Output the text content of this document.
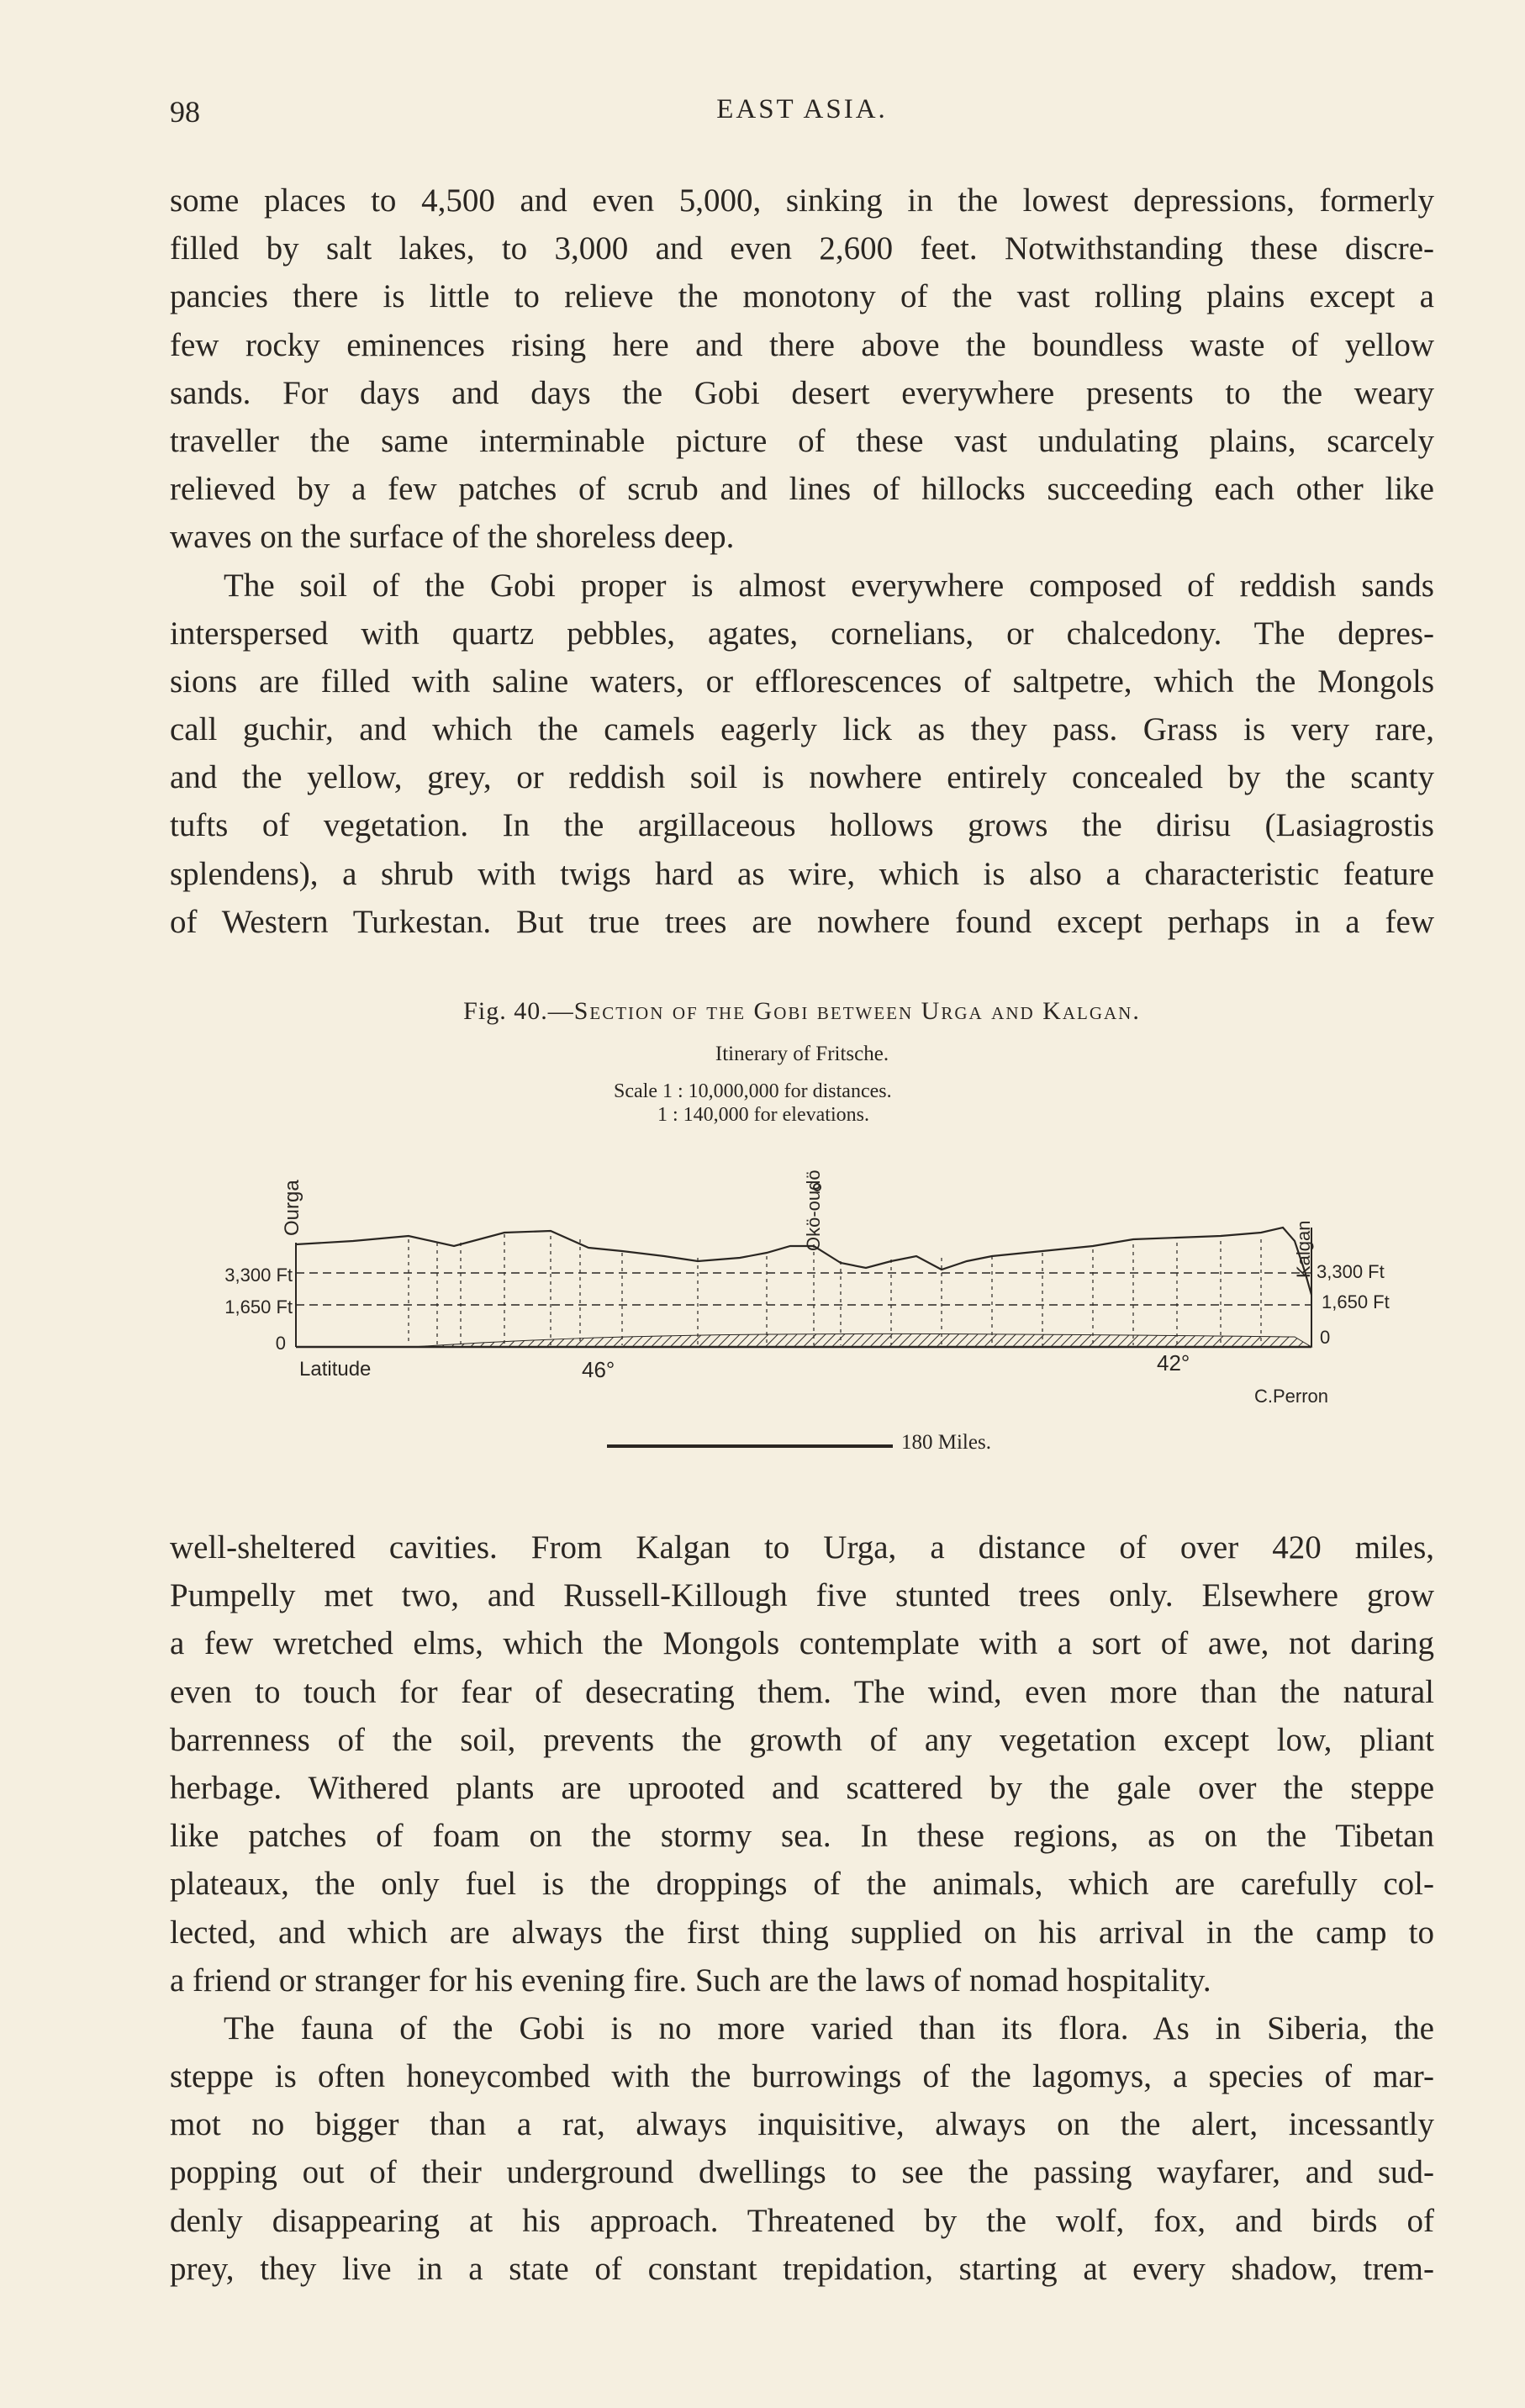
98	EAST ASIA.
some places to 4,500 and even 5,000, sinking in the lowest depressions, formerly
filled by salt lakes, to 3,000 and even 2,600 feet. Notwithstanding these discre-
pancies there is little to relieve the monotony of the vast rolling plains except a
few rocky eminences rising here and there above the boundless waste of yellow
sands. For days and days the Gobi desert everywhere presents to the weary
traveller the same interminable picture of these vast undulating plains, scarcely
relieved by a few patches of scrub and lines of hillocks succeeding each other like
waves on the surface of the shoreless deep.
The soil of the Gobi proper is almost everywhere composed of reddish sands
interspersed with quartz pebbles, agates, cornelians, or chalcedony. The depres-
sions are filled with saline waters, or efflorescences of saltpetre, which the Mongols
call guchir, and which the camels eagerly lick as they pass. Grass is very rare,
and the yellow, grey, or reddish soil is nowhere entirely concealed by the scanty
tufts of vegetation. In the argillaceous hollows grows the dirisu (Lasiagrostis
splendens), a shrub with twigs hard as wire, which is also a characteristic feature
of Western Turkestan. But true trees are nowhere found except perhaps in a few
Fig. 40.—Section of the Gobi between Urga and Kalgan.
Itinerary of Fritsche.
Scale 1 : 10,000,000 for distances.
1 : 140,000 for elevations.
Ourga	Okö-oudö	Kalgan
3,300 Ft
1,650 Ft
0
3,300 Ft
1,650 Ft
0
Latitude	46°	42°
C.Perron
180 Miles.
well-sheltered cavities. From Kalgan to Urga, a distance of over 420 miles,
Pumpelly met two, and Russell-Killough five stunted trees only. Elsewhere grow
a few wretched elms, which the Mongols contemplate with a sort of awe, not daring
even to touch for fear of desecrating them. The wind, even more than the natural
barrenness of the soil, prevents the growth of any vegetation except low, pliant
herbage. Withered plants are uprooted and scattered by the gale over the steppe
like patches of foam on the stormy sea. In these regions, as on the Tibetan
plateaux, the only fuel is the droppings of the animals, which are carefully col-
lected, and which are always the first thing supplied on his arrival in the camp to
a friend or stranger for his evening fire. Such are the laws of nomad hospitality.
The fauna of the Gobi is no more varied than its flora. As in Siberia, the
steppe is often honeycombed with the burrowings of the lagomys, a species of mar-
mot no bigger than a rat, always inquisitive, always on the alert, incessantly
popping out of their underground dwellings to see the passing wayfarer, and sud-
denly disappearing at his approach. Threatened by the wolf, fox, and birds of
prey, they live in a state of constant trepidation, starting at every shadow, trem-
